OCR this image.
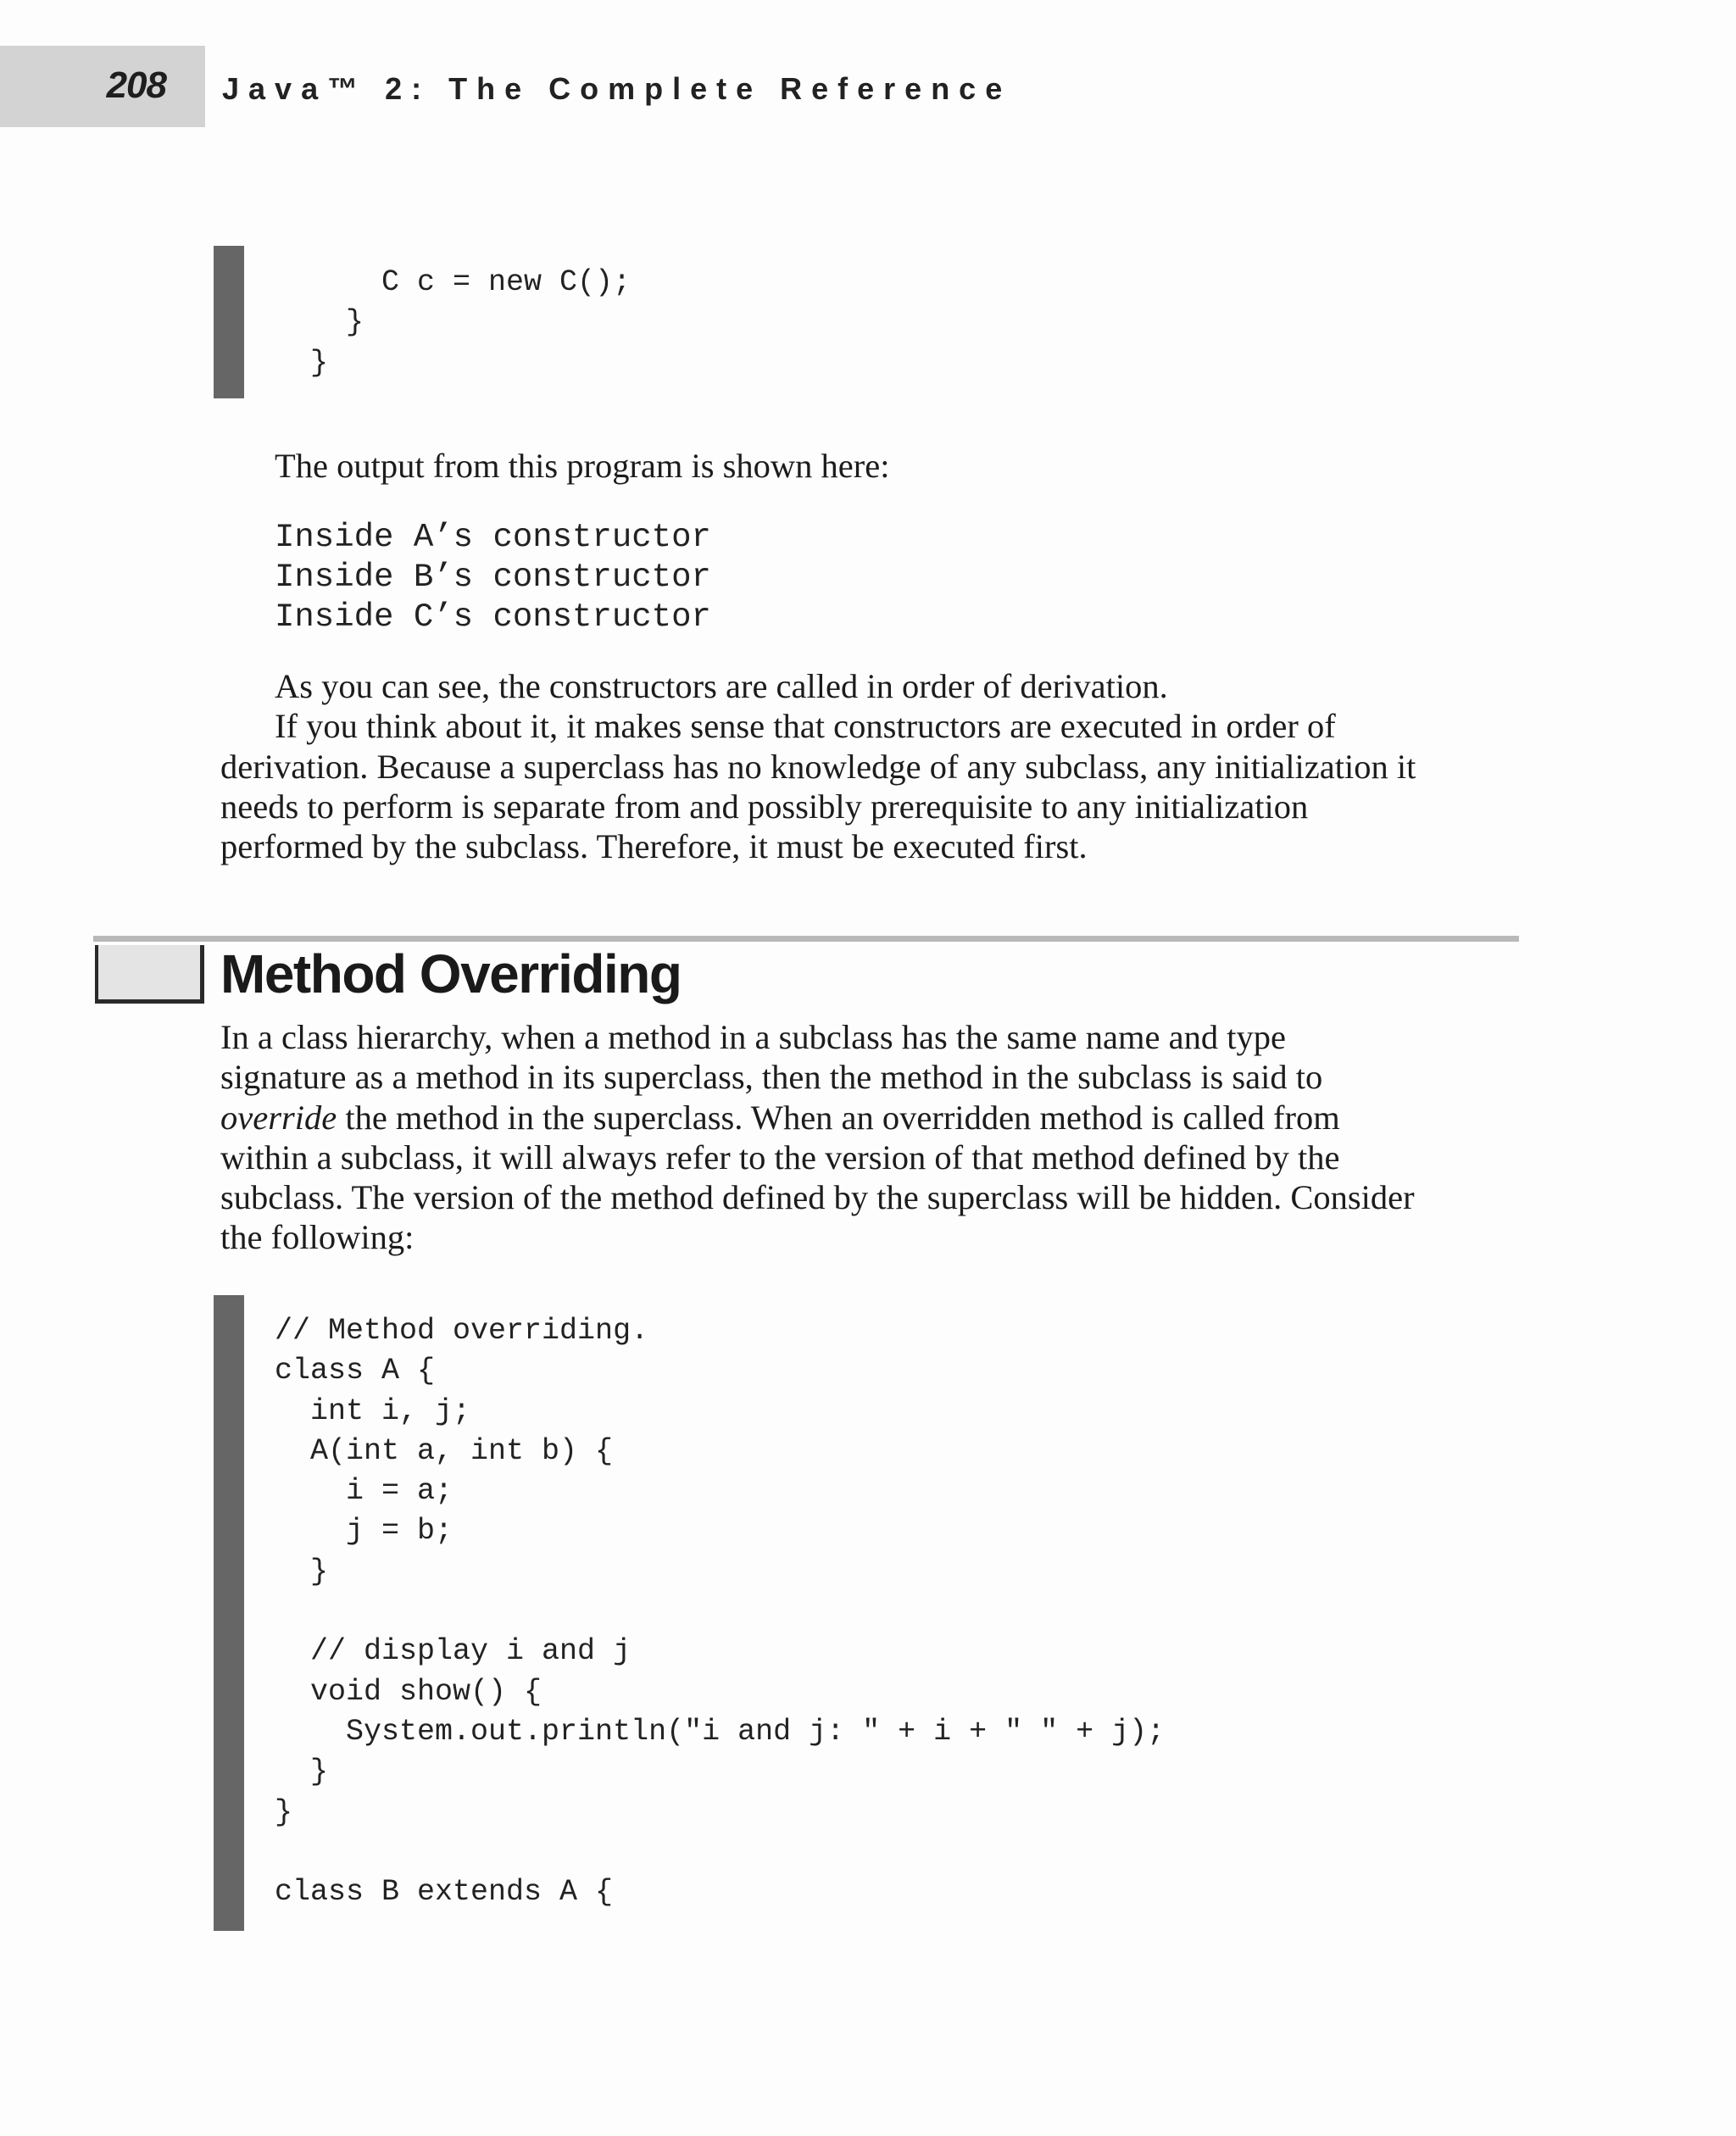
208 Java™ 2: The Complete Reference
C c = new C();
}
}

The output from this program is shown here:

Inside A’s constructor
Inside B’s constructor
Inside C’s constructor

As you can see, the constructors are called in order of derivation.
If you think about it, it makes sense that constructors are executed in order of
derivation. Because a superclass has no knowledge of any subclass, any initialization it
needs to perform is separate from and possibly prerequisite to any initialization
performed by the subclass. Therefore, it must be executed first.

Method Overriding

In a class hierarchy, when a method in a subclass has the same name and type
signature as a method in its superclass, then the method in the subclass is said to
override the method in the superclass. When an overridden method is called from
within a subclass, it will always refer to the version of that method defined by the
subclass. The version of the method defined by the superclass will be hidden. Consider
the following:

// Method overriding.
class A {
int i, j;
A(int a, int b) {
i = a;
j = b;
}

// display i and j
void show() {
System.out.println("i and j: " + i + " " + j);
}
}

class B extends A {
